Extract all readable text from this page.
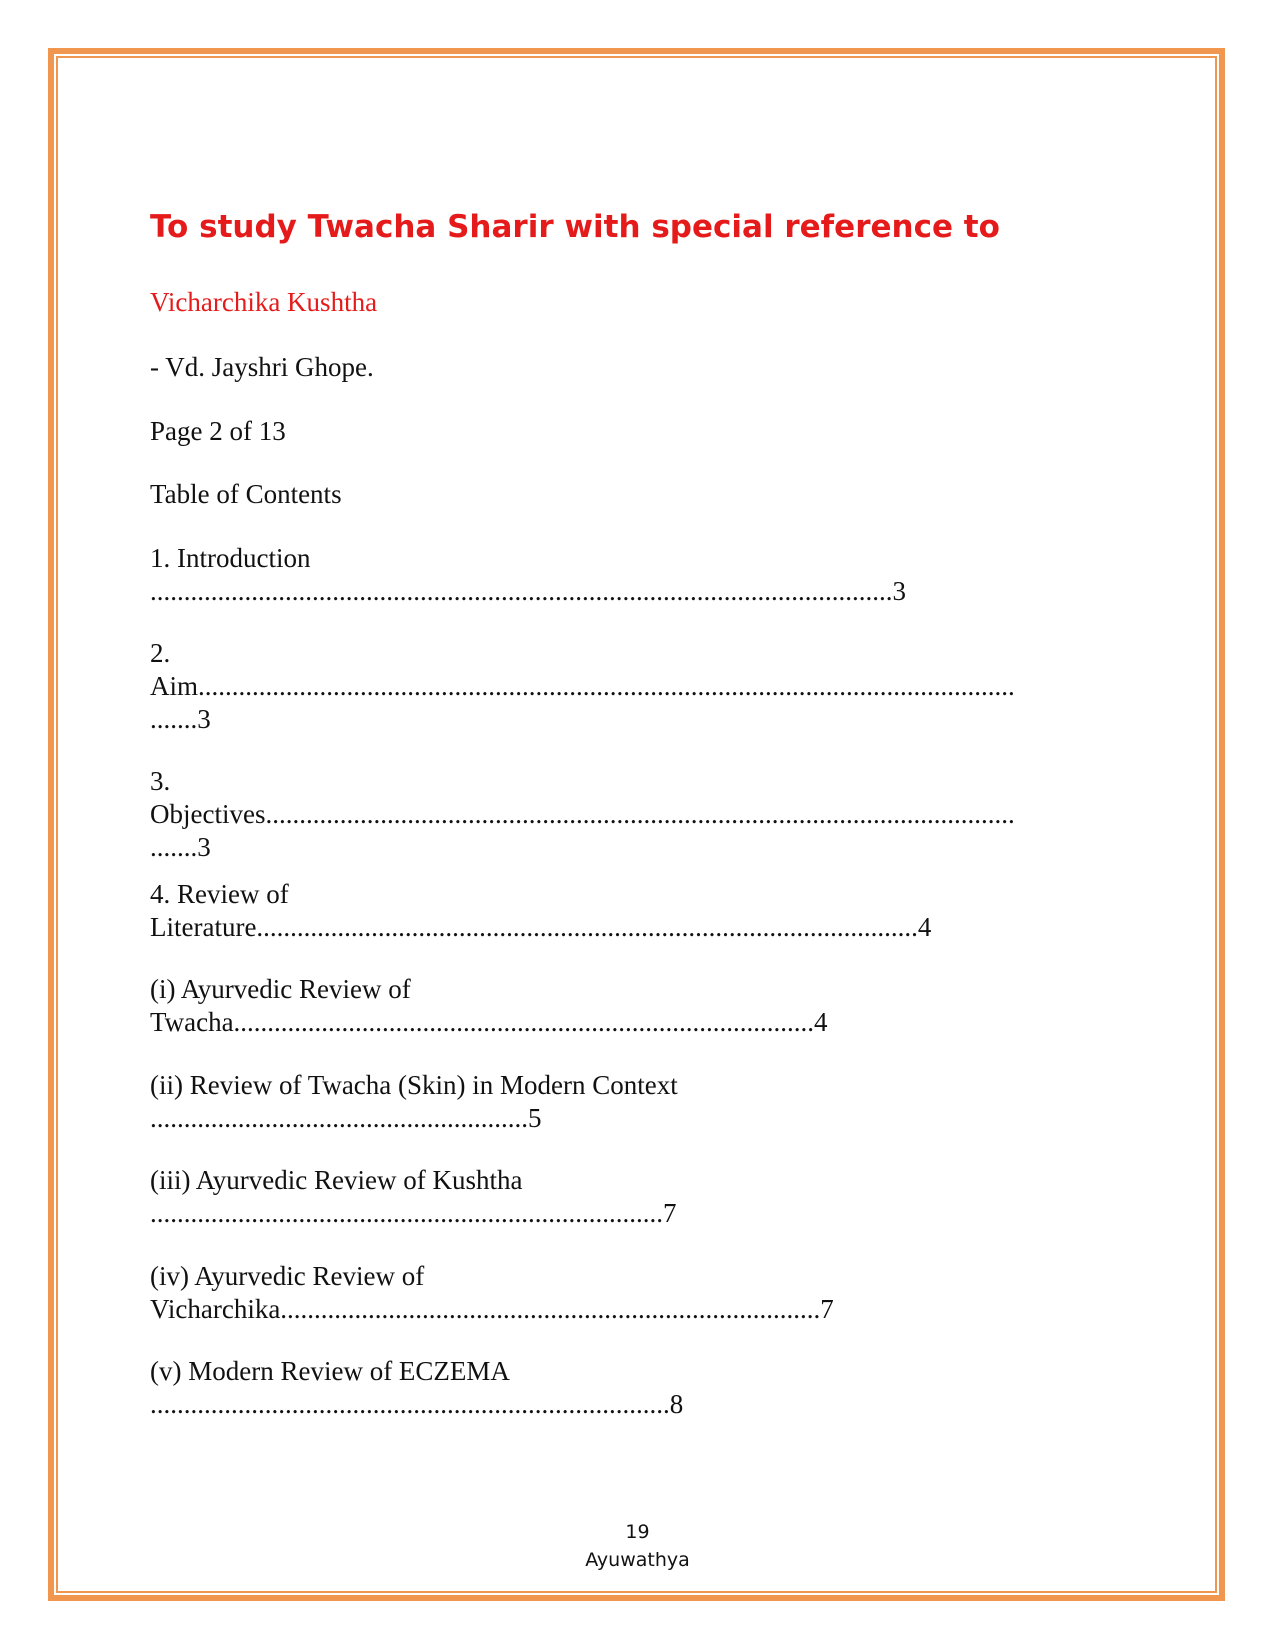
To study Twacha Sharir with special reference to

Vicharchika Kushtha

- Vd. Jayshri Ghope.

Page 2 of 13

Table of Contents

1. Introduction
..............................................................................................................3
2.
Aim.........................................................................................................................
.......3
3.
Objectives...............................................................................................................
.......3
4. Review of
Literature..................................................................................................4
(i) Ayurvedic Review of
Twacha......................................................................................4
(ii) Review of Twacha (Skin) in Modern Context
........................................................5
(iii) Ayurvedic Review of Kushtha
............................................................................7
(iv) Ayurvedic Review of
Vicharchika................................................................................7
(v) Modern Review of ECZEMA
.............................................................................8
19
Ayuwathya
